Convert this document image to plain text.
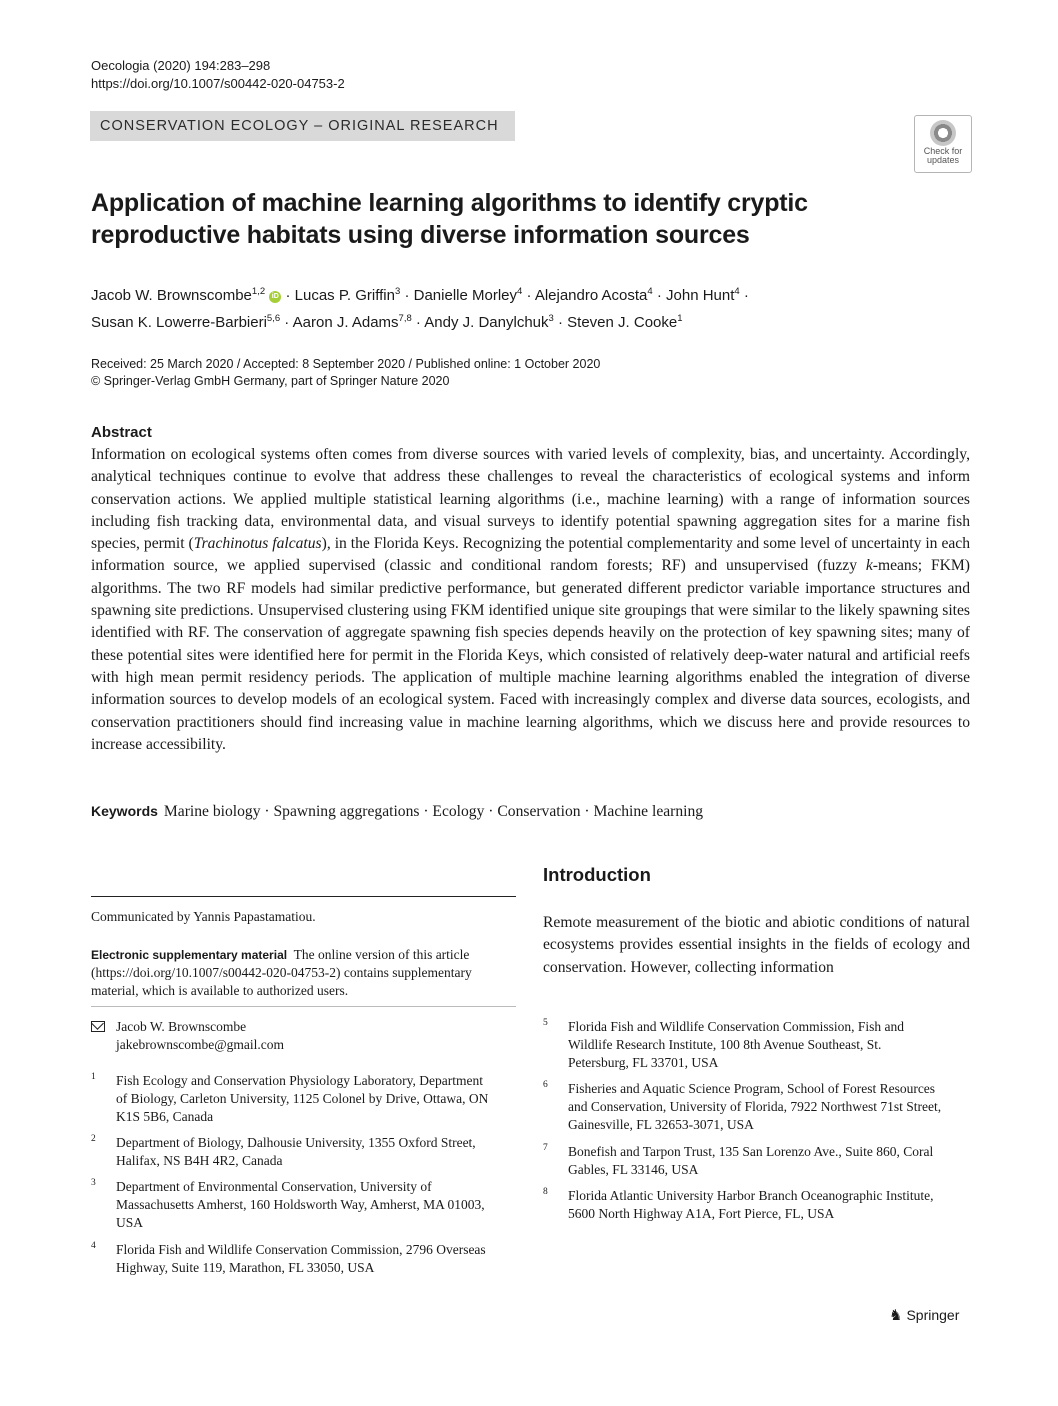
Oecologia (2020) 194:283–298
https://doi.org/10.1007/s00442-020-04753-2
CONSERVATION ECOLOGY – ORIGINAL RESEARCH
Check for
updates
Application of machine learning algorithms to identify cryptic
reproductive habitats using diverse information sources
Jacob W. Brownscombe$^{1,2}$ iD · Lucas P. Griffin$^3$ · Danielle Morley$^4$ · Alejandro Acosta$^4$ · John Hunt$^4$ ·
Susan K. Lowerre-Barbieri$^{5,6}$ · Aaron J. Adams$^{7,8}$ · Andy J. Danylchuk$^3$ · Steven J. Cooke$^1$
Received: 25 March 2020 / Accepted: 8 September 2020 / Published online: 1 October 2020
© Springer-Verlag GmbH Germany, part of Springer Nature 2020
Abstract
Information on ecological systems often comes from diverse sources with varied levels of complexity, bias, and uncertainty. Accordingly, analytical techniques continue to evolve that address these challenges to reveal the characteristics of ecological systems and inform conservation actions. We applied multiple statistical learning algorithms (i.e., machine learning) with a range of information sources including fish tracking data, environmental data, and visual surveys to identify potential spawning aggregation sites for a marine fish species, permit (Trachinotus falcatus), in the Florida Keys. Recognizing the potential complementarity and some level of uncertainty in each information source, we applied supervised (classic and conditional random forests; RF) and unsupervised (fuzzy k-means; FKM) algorithms. The two RF models had similar predictive performance, but generated different predictor variable importance structures and spawning site predictions. Unsupervised clustering using FKM identified unique site groupings that were similar to the likely spawning sites identified with RF. The conservation of aggregate spawning fish species depends heavily on the protection of key spawning sites; many of these potential sites were identified here for permit in the Florida Keys, which consisted of relatively deep-water natural and artificial reefs with high mean permit residency periods. The application of multiple machine learning algorithms enabled the integration of diverse information sources to develop models of an ecological system. Faced with increasingly complex and diverse data sources, ecologists, and conservation practitioners should find increasing value in machine learning algorithms, which we discuss here and provide resources to increase accessibility.
Keywords Marine biology · Spawning aggregations · Ecology · Conservation · Machine learning
Communicated by Yannis Papastamatiou.
Electronic supplementary material The online version of this article (https://doi.org/10.1007/s00442-020-04753-2) contains supplementary material, which is available to authorized users.
Jacob W. Brownscombe
jakebrownscombe@gmail.com
1	Fish Ecology and Conservation Physiology Laboratory, Department of Biology, Carleton University, 1125 Colonel by Drive, Ottawa, ON K1S 5B6, Canada
2	Department of Biology, Dalhousie University, 1355 Oxford Street, Halifax, NS B4H 4R2, Canada
3	Department of Environmental Conservation, University of Massachusetts Amherst, 160 Holdsworth Way, Amherst, MA 01003, USA
4	Florida Fish and Wildlife Conservation Commission, 2796 Overseas Highway, Suite 119, Marathon, FL 33050, USA
Introduction
Remote measurement of the biotic and abiotic conditions of natural ecosystems provides essential insights in the fields of ecology and conservation. However, collecting information
5	Florida Fish and Wildlife Conservation Commission, Fish and Wildlife Research Institute, 100 8th Avenue Southeast, St. Petersburg, FL 33701, USA
6	Fisheries and Aquatic Science Program, School of Forest Resources and Conservation, University of Florida, 7922 Northwest 71st Street, Gainesville, FL 32653-3071, USA
7	Bonefish and Tarpon Trust, 135 San Lorenzo Ave., Suite 860, Coral Gables, FL 33146, USA
8	Florida Atlantic University Harbor Branch Oceanographic Institute, 5600 North Highway A1A, Fort Pierce, FL, USA
♞ Springer
